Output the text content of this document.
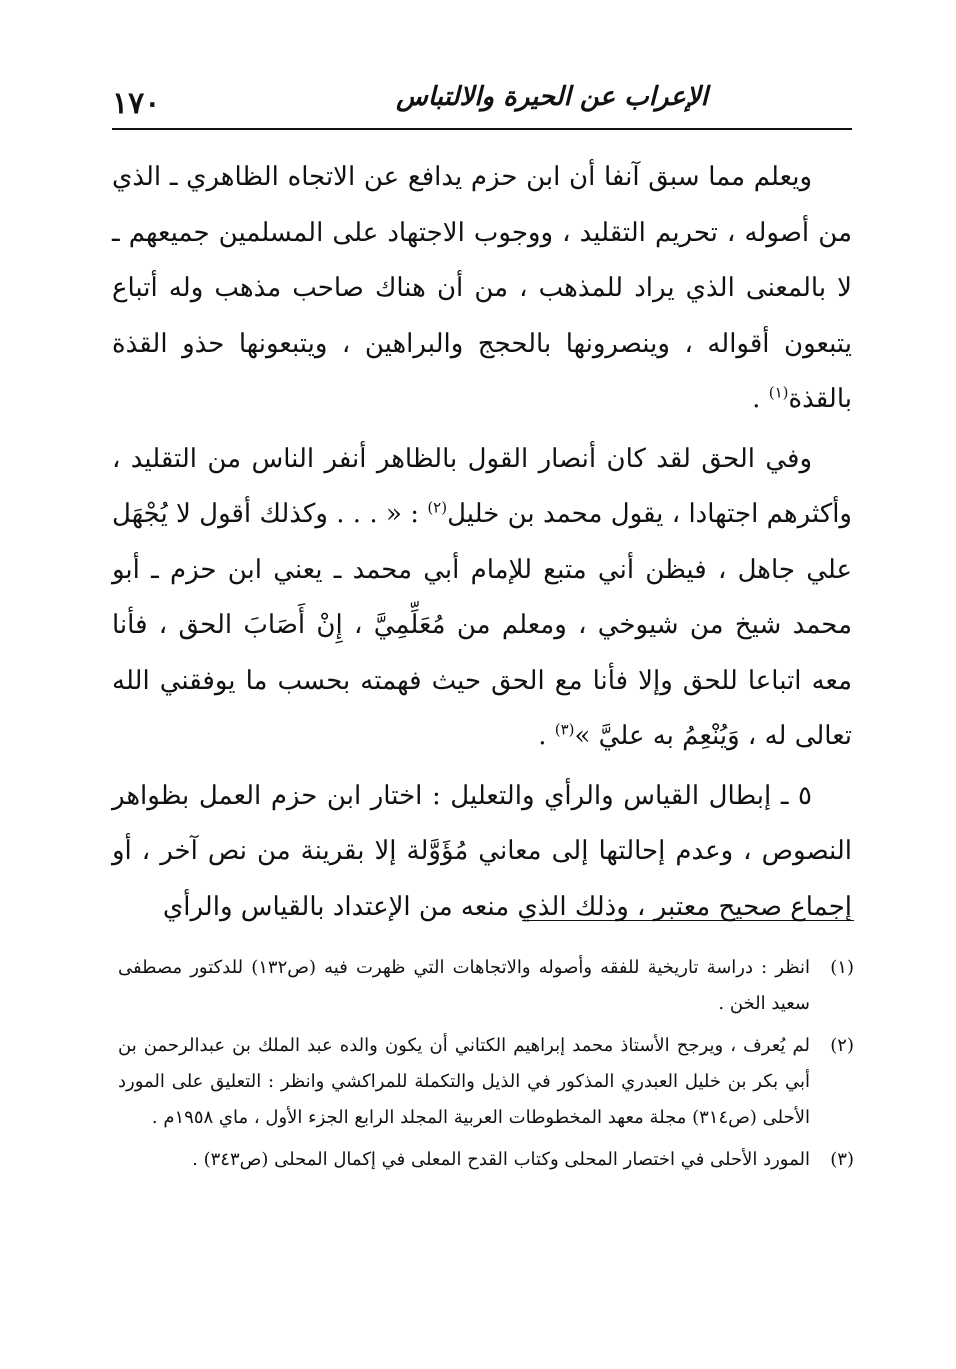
١٧٠	الإعراب عن الحيرة والالتباس

ويعلم مما سبق آنفا أن ابن حزم يدافع عن الاتجاه الظاهري ـ الذي من أصوله ، تحريم التقليد ، ووجوب الاجتهاد على المسلمين جميعهم ـ لا بالمعنى الذي يراد للمذهب ، من أن هناك صاحب مذهب وله أتباع يتبعون أقواله ، وينصرونها بالحجج والبراهين ، ويتبعونها حذو القذة بالقذة$^{(١)}$ .

وفي الحق لقد كان أنصار القول بالظاهر أنفر الناس من التقليد ، وأكثرهم اجتهادا ، يقول محمد بن خليل$^{(٢)}$ : « . . . وكذلك أقول لا يُجْهَل علي جاهل ، فيظن أني متبع للإمام أبي محمد ـ يعني ابن حزم ـ أبو محمد شيخ من شيوخي ، ومعلم من مُعَلِّمِيَّ ، إِنْ أَصَابَ الحق ، فأنا معه اتباعا للحق وإلا فأنا مع الحق حيث فهمته بحسب ما يوفقني الله تعالى له ، وَيُنْعِمُ به عليَّ »$^{(٣)}$ .

٥ ـ إبطال القياس والرأي والتعليل : اختار ابن حزم العمل بظواهر النصوص ، وعدم إحالتها إلى معاني مُؤَوَّلة إلا بقرينة من نص آخر ، أو إجماع صحيح معتبر ، وذلك الذي منعه من الإعتداد بالقياس والرأي

(١)
انظر : دراسة تاريخية للفقه وأصوله والاتجاهات التي ظهرت فيه (ص١٣٢) للدكتور مصطفى سعيد الخن .
(٢)
لم يُعرف ، ويرجح الأستاذ محمد إبراهيم الكتاني أن يكون والده عبد الملك بن عبدالرحمن بن أبي بكر بن خليل العبدري المذكور في الذيل والتكملة للمراكشي وانظر : التعليق على المورد الأحلى (ص٣١٤) مجلة معهد المخطوطات العربية المجلد الرابع الجزء الأول ، ماي ١٩٥٨م .
(٣)
المورد الأحلى في اختصار المحلى وكتاب القدح المعلى في إكمال المحلى (ص٣٤٣) .
